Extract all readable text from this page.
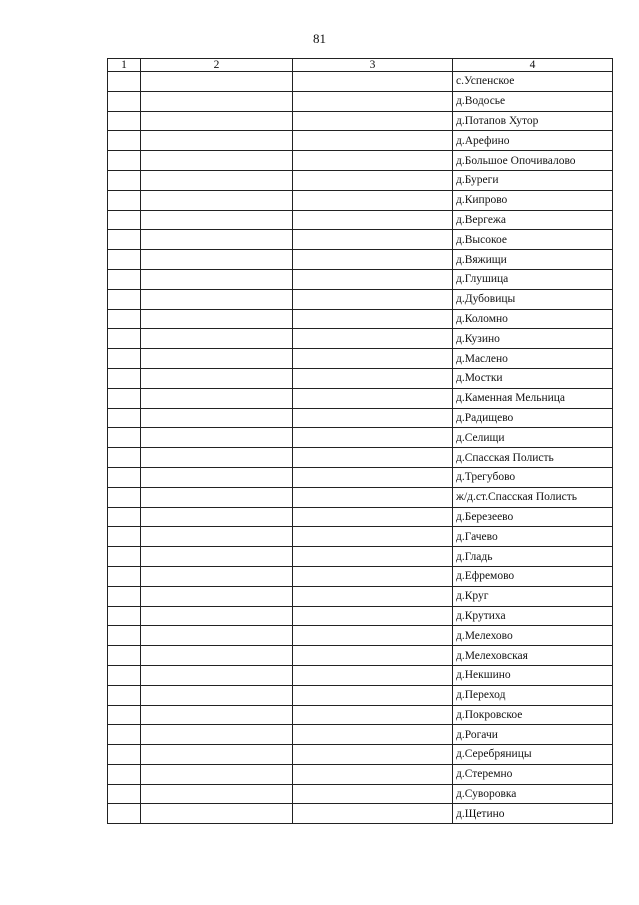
81
1	2	3	4
			с.Успенское
			д.Водосье
			д.Потапов Хутор
			д.Арефино
			д.Большое Опочивалово
			д.Буреги
			д.Кипрово
			д.Вергежа
			д.Высокое
			д.Вяжищи
			д.Глушица
			д.Дубовицы
			д.Коломно
			д.Кузино
			д.Маслено
			д.Мостки
			д.Каменная Мельница
			д.Радищево
			д.Селищи
			д.Спасская Полисть
			д.Трегубово
			ж/д.ст.Спасская Полисть
			д.Березеево
			д.Гачево
			д.Гладь
			д.Ефремово
			д.Круг
			д.Крутиха
			д.Мелехово
			д.Мелеховская
			д.Некшино
			д.Переход
			д.Покровское
			д.Рогачи
			д.Серебряницы
			д.Стеремно
			д.Суворовка
			д.Щетино
